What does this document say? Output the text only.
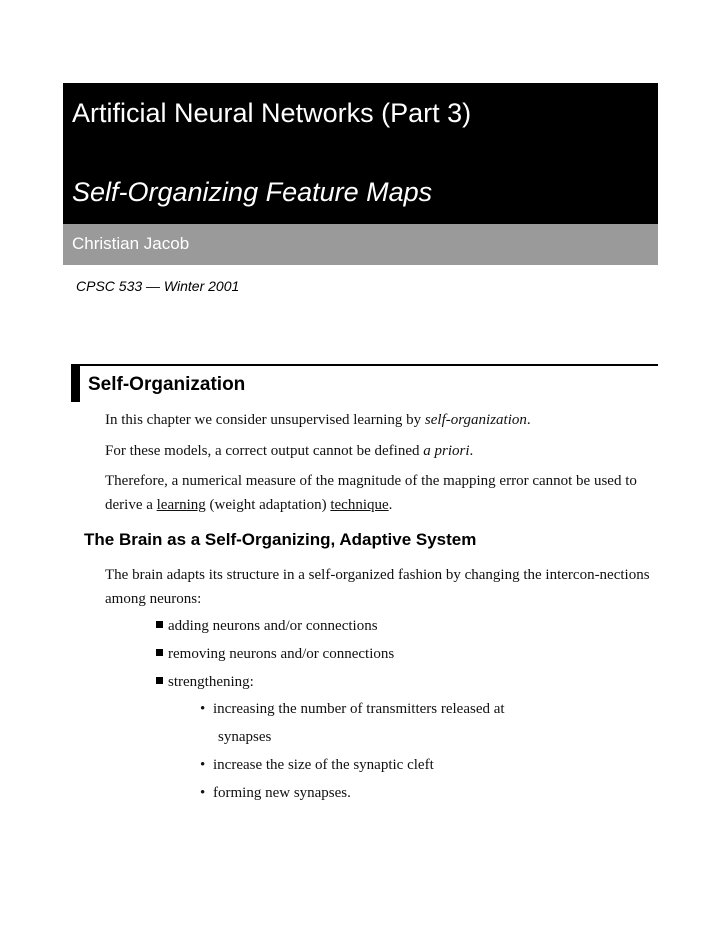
Artificial Neural Networks (Part 3)
Self-Organizing Feature Maps
Christian Jacob
CPSC 533 — Winter 2001
Self-Organization

In this chapter we consider unsupervised learning by self-organization.

For these models, a correct output cannot be defined a priori.

Therefore, a numerical measure of the magnitude of the mapping error cannot be used to derive a learning (weight adaptation) technique.

The Brain as a Self-Organizing, Adaptive System

The brain adapts its structure in a self-organized fashion by changing the intercon-nections among neurons:

adding neurons and/or connections
removing neurons and/or connections
strengthening:
• increasing the number of transmitters released at
synapses
• increase the size of the synaptic cleft
• forming new synapses.
